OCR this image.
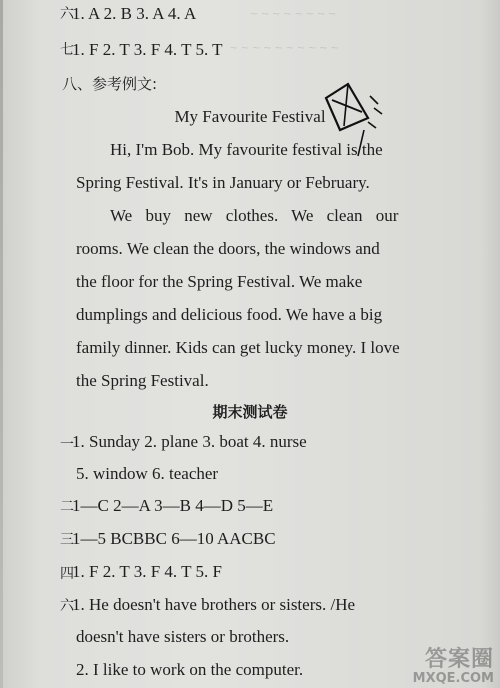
~ ~ ~ ~ ~ ~ ~ ~
~ ~ ~ ~ ~ ~ ~ ~ ~ ~
六
1. A 2. B 3. A 4. A
七
1. F 2. T 3. F 4. T 5. T
八、参考例文:
My Favourite Festival
Hi, I'm Bob. My favourite festival is the
Spring Festival. It's in January or February.
We buy new clothes. We clean our
rooms. We clean the doors, the windows and
the floor for the Spring Festival. We make
dumplings and delicious food. We have a big
family dinner. Kids can get lucky money. I love
the Spring Festival.
期末测试卷
一
1. Sunday 2. plane 3. boat 4. nurse
5. window 6. teacher
二
1—C 2—A 3—B 4—D 5—E
三
1—5 BCBBC 6—10 AACBC
四
1. F 2. T 3. F 4. T 5. F
六
1. He doesn't have brothers or sisters. /He
doesn't have sisters or brothers.
2. I like to work on the computer.	答案圈
MXQE.COM
